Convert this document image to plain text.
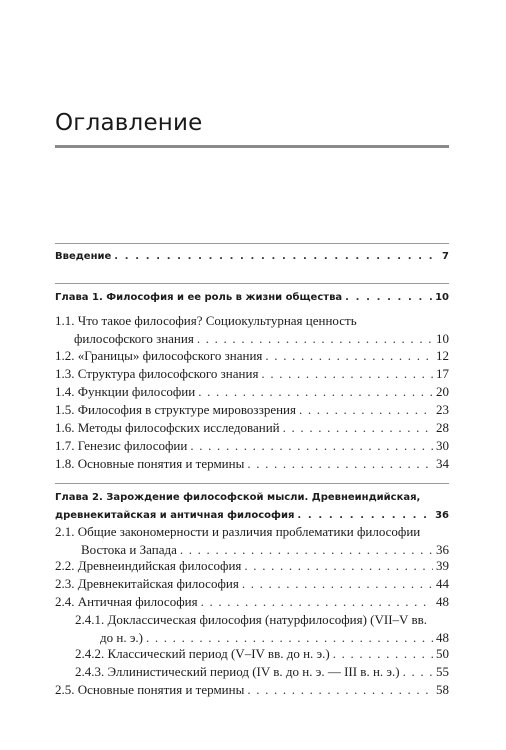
Оглавление
Введение . . .	7
Глава 1. Философия и ее роль в жизни общества . . .	10
1.1. Что такое философия? Социокультурная ценность
философского знания . . .	10
1.2. «Границы» философского знания . . .	12
1.3. Структура философского знания . . .	17
1.4. Функции философии . . .	20
1.5. Философия в структуре мировоззрения . . .	23
1.6. Методы философских исследований . . .	28
1.7. Генезис философии . . .	30
1.8. Основные понятия и термины . . .	34
Глава 2. Зарождение философской мысли. Древнеиндийская,
древнекитайская и античная философия . . .	36
2.1. Общие закономерности и различия проблематики философии
Востока и Запада . . .	36
2.2. Древнеиндийская философия . . .	39
2.3. Древнекитайская философия . . .	44
2.4. Античная философия . . .	48
2.4.1. Доклассическая философия (натурфилософия) (VII–V вв.
до н. э.) . . .	48
2.4.2. Классический период (V–IV вв. до н. э.) . . .	50
2.4.3. Эллинистический период (IV в. до н. э. — III в. н. э.) . . .	55
2.5. Основные понятия и термины . . .	58
